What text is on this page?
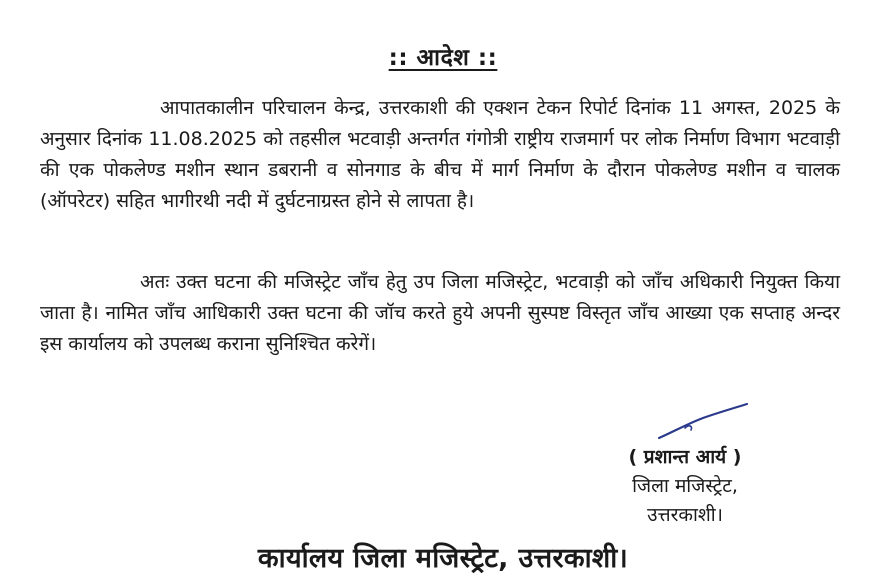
:: आदेश ::
आपातकालीन परिचालन केन्द्र, उत्तरकाशी की एक्शन टेकन रिपोर्ट दिनांक 11 अगस्त, 2025 के अनुसार दिनांक 11.08.2025 को तहसील भटवाड़ी अन्तर्गत गंगोत्री राष्ट्रीय राजमार्ग पर लोक निर्माण विभाग भटवाड़ी की एक पोकलेण्ड मशीन स्थान डबरानी व सोनगाड के बीच में मार्ग निर्माण के दौरान पोकलेण्ड मशीन व चालक (ऑपरेटर) सहित भागीरथी नदी में दुर्घटनाग्रस्त होने से लापता है।
अतः उक्त घटना की मजिस्ट्रेट जाँच हेतु उप जिला मजिस्ट्रेट, भटवाड़ी को जाँच अधिकारी नियुक्त किया जाता है। नामित जाँच आधिकारी उक्त घटना की जॉच करते हुये अपनी सुस्पष्ट विस्तृत जाँच आख्या एक सप्ताह अन्दर इस कार्यालय को उपलब्ध कराना सुनिश्चित करेगें।
( प्रशान्त आर्य )
जिला मजिस्ट्रेट,
उत्तरकाशी।
कार्यालय जिला मजिस्ट्रेट, उत्तरकाशी।
